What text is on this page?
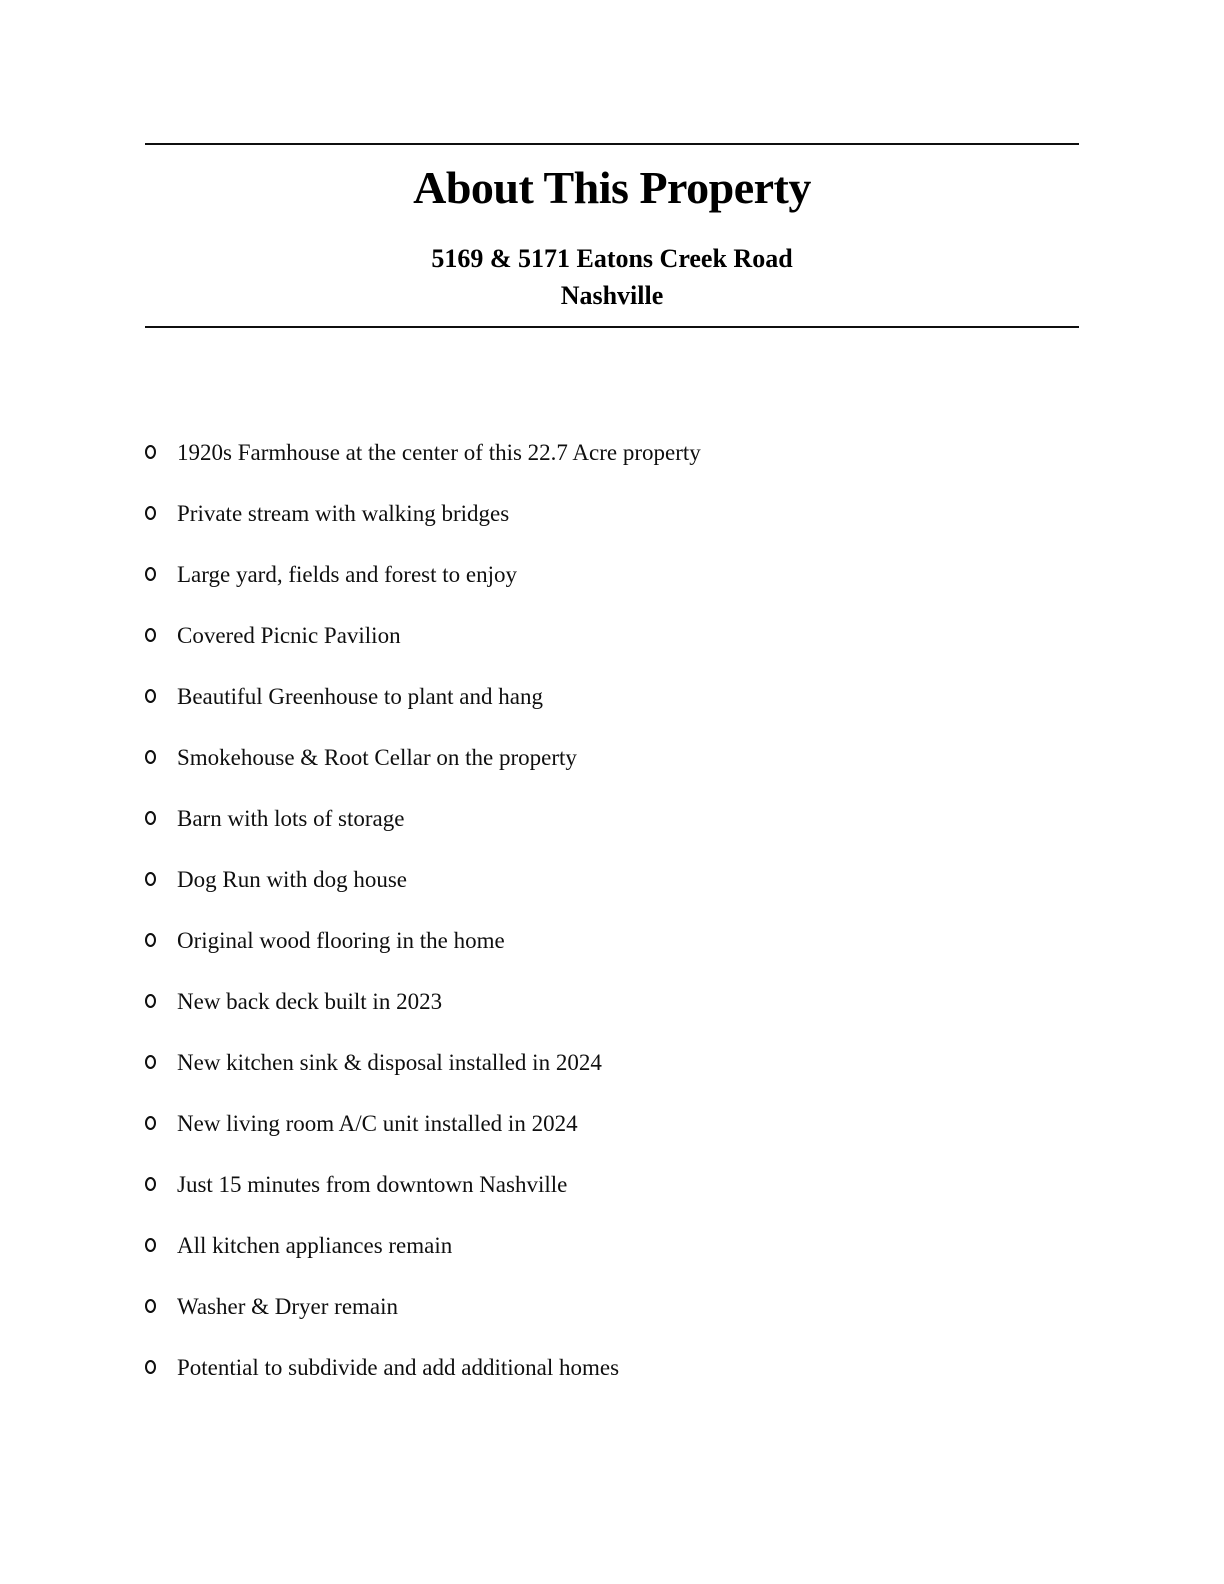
About This Property
5169 & 5171 Eatons Creek Road
Nashville
1920s Farmhouse at the center of this 22.7 Acre property
Private stream with walking bridges
Large yard, fields and forest to enjoy
Covered Picnic Pavilion
Beautiful Greenhouse to plant and hang
Smokehouse & Root Cellar on the property
Barn with lots of storage
Dog Run with dog house
Original wood flooring in the home
New back deck built in 2023
New kitchen sink & disposal installed in 2024
New living room A/C unit installed in 2024
Just 15 minutes from downtown Nashville
All kitchen appliances remain
Washer & Dryer remain
Potential to subdivide and add additional homes
